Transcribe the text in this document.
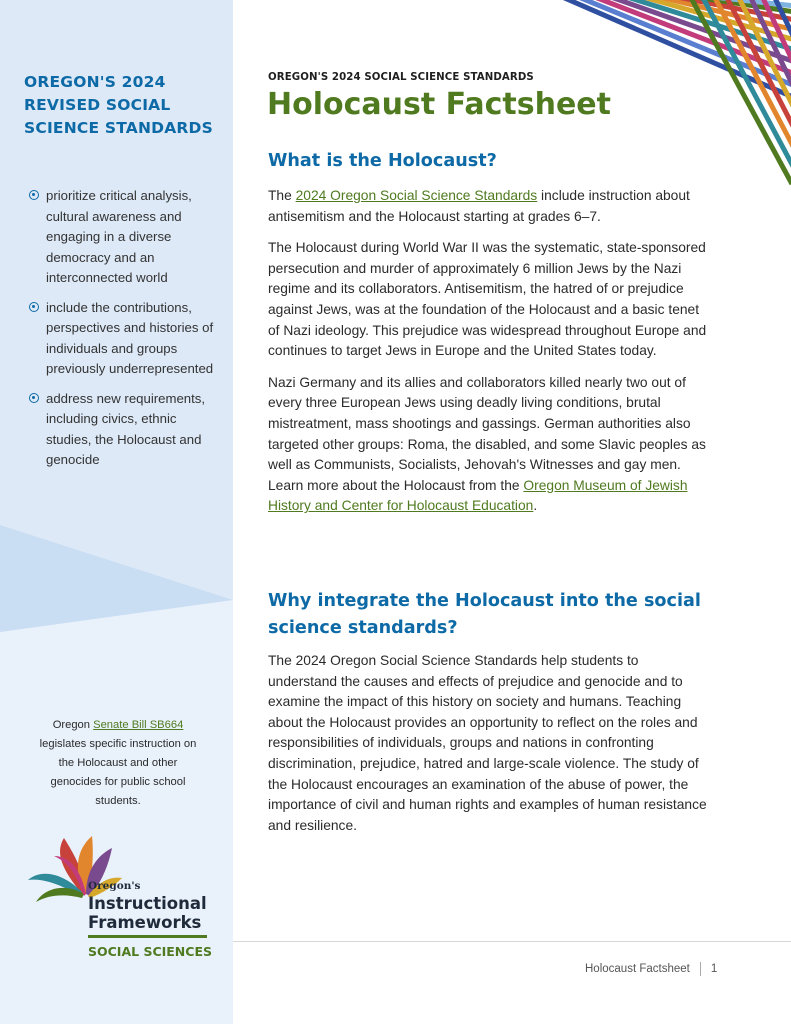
OREGON'S 2024 REVISED SOCIAL SCIENCE STANDARDS
prioritize critical analysis, cultural awareness and engaging in a diverse democracy and an interconnected world
include the contributions, perspectives and histories of individuals and groups previously underrepresented
address new requirements, including civics, ethnic studies, the Holocaust and genocide
Oregon Senate Bill SB664 legislates specific instruction on the Holocaust and other genocides for public school students.
Oregon's
Instructional Frameworks
SOCIAL SCIENCES
OREGON'S 2024 SOCIAL SCIENCE STANDARDS
Holocaust Factsheet
What is the Holocaust?

The 2024 Oregon Social Science Standards include instruction about antisemitism and the Holocaust starting at grades 6–7.

The Holocaust during World War II was the systematic, state-sponsored persecution and murder of approximately 6 million Jews by the Nazi regime and its collaborators. Antisemitism, the hatred of or prejudice against Jews, was at the foundation of the Holocaust and a basic tenet of Nazi ideology. This prejudice was widespread throughout Europe and continues to target Jews in Europe and the United States today.

Nazi Germany and its allies and collaborators killed nearly two out of every three European Jews using deadly living conditions, brutal mistreatment, mass shootings and gassings. German authorities also targeted other groups: Roma, the disabled, and some Slavic peoples as well as Communists, Socialists, Jehovah's Witnesses and gay men. Learn more about the Holocaust from the Oregon Museum of Jewish History and Center for Holocaust Education.

Why integrate the Holocaust into the social science standards?

The 2024 Oregon Social Science Standards help students to understand the causes and effects of prejudice and genocide and to examine the impact of this history on society and humans. Teaching about the Holocaust provides an opportunity to reflect on the roles and responsibilities of individuals, groups and nations in confronting discrimination, prejudice, hatred and large-scale violence. The study of the Holocaust encourages an examination of the abuse of power, the importance of civil and human rights and examples of human resistance and resilience.

Holocaust Factsheet 1
